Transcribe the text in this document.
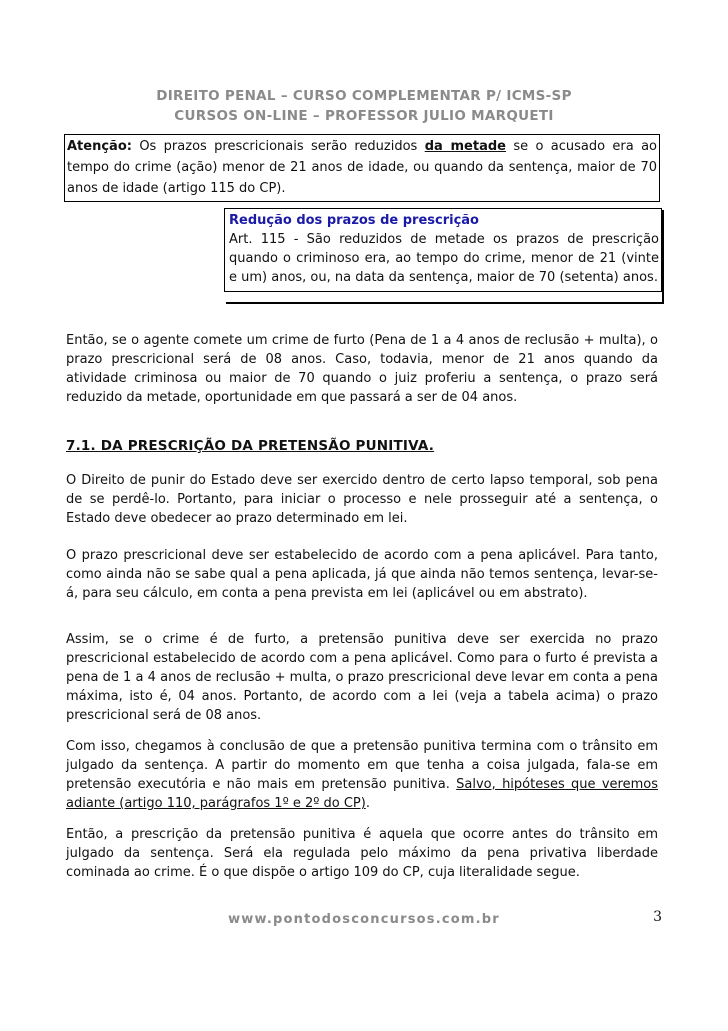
DIREITO PENAL – CURSO COMPLEMENTAR P/ ICMS-SP
CURSOS ON-LINE – PROFESSOR JULIO MARQUETI
Atenção: Os prazos prescricionais serão reduzidos da metade se o acusado era ao tempo do crime (ação) menor de 21 anos de idade, ou quando da sentença, maior de 70 anos de idade (artigo 115 do CP).
Redução dos prazos de prescrição
Art. 115 - São reduzidos de metade os prazos de prescrição quando o criminoso era, ao tempo do crime, menor de 21 (vinte e um) anos, ou, na data da sentença, maior de 70 (setenta) anos.

Então, se o agente comete um crime de furto (Pena de 1 a 4 anos de reclusão + multa), o prazo prescricional será de 08 anos. Caso, todavia, menor de 21 anos quando da atividade criminosa ou maior de 70 quando o juiz proferiu a sentença, o prazo será reduzido da metade, oportunidade em que passará a ser de 04 anos.

7.1. DA PRESCRIÇÃO DA PRETENSÃO PUNITIVA.

O Direito de punir do Estado deve ser exercido dentro de certo lapso temporal, sob pena de se perdê-lo. Portanto, para iniciar o processo e nele prosseguir até a sentença, o Estado deve obedecer ao prazo determinado em lei.

O prazo prescricional deve ser estabelecido de acordo com a pena aplicável. Para tanto, como ainda não se sabe qual a pena aplicada, já que ainda não temos sentença, levar-se-á, para seu cálculo, em conta a pena prevista em lei (aplicável ou em abstrato).

Assim, se o crime é de furto, a pretensão punitiva deve ser exercida no prazo prescricional estabelecido de acordo com a pena aplicável. Como para o furto é prevista a pena de 1 a 4 anos de reclusão + multa, o prazo prescricional deve levar em conta a pena máxima, isto é, 04 anos. Portanto, de acordo com a lei (veja a tabela acima) o prazo prescricional será de 08 anos.

Com isso, chegamos à conclusão de que a pretensão punitiva termina com o trânsito em julgado da sentença. A partir do momento em que tenha a coisa julgada, fala-se em pretensão executória e não mais em pretensão punitiva. Salvo, hipóteses que veremos adiante (artigo 110, parágrafos 1º e 2º do CP).

Então, a prescrição da pretensão punitiva é aquela que ocorre antes do trânsito em julgado da sentença. Será ela regulada pelo máximo da pena privativa liberdade cominada ao crime. É o que dispõe o artigo 109 do CP, cuja literalidade segue.

www.pontodosconcursos.com.br	3
